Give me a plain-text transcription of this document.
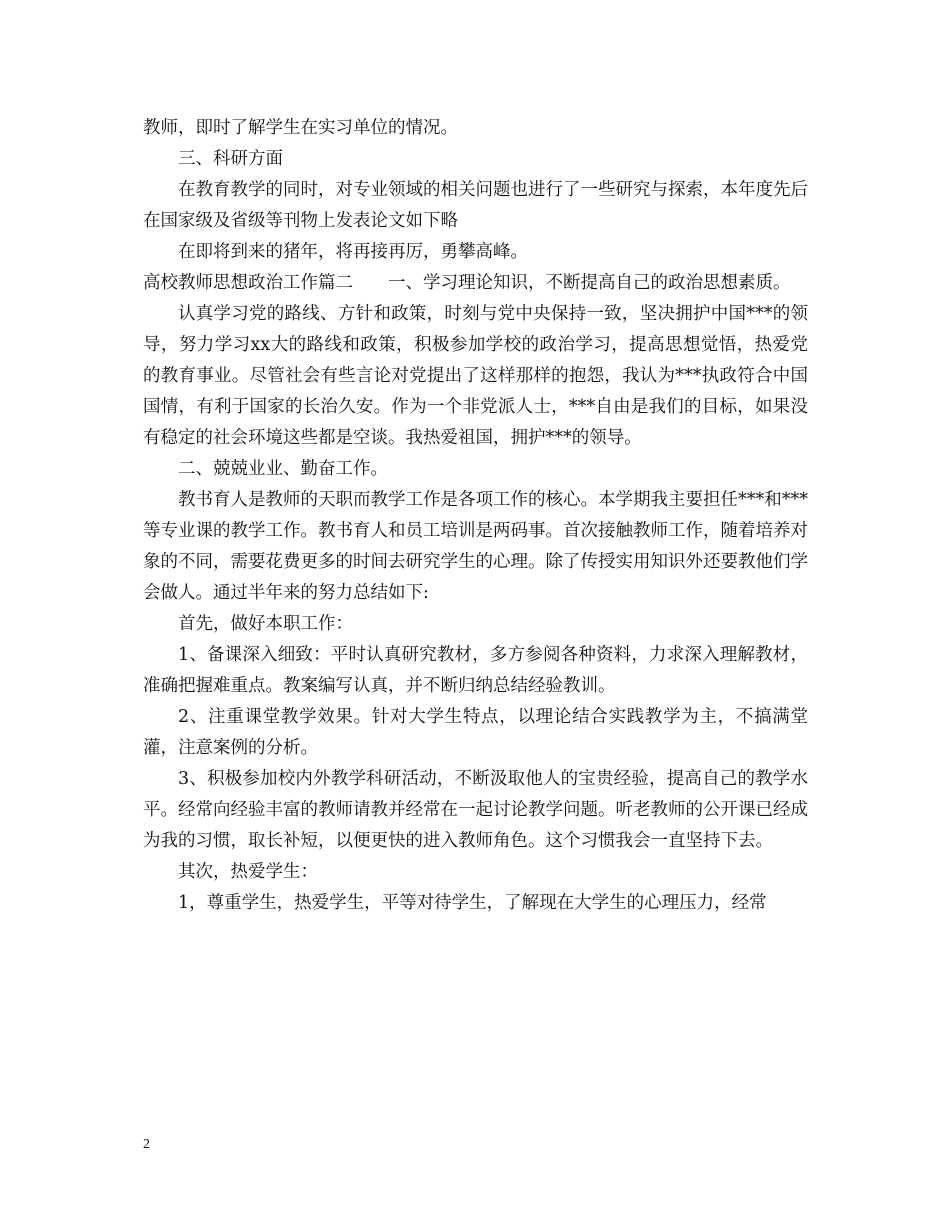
教师，即时了解学生在实习单位的情况。

三、科研方面

在教育教学的同时，对专业领域的相关问题也进行了一些研究与探索，本年度先后在国家级及省级等刊物上发表论文如下略

在即将到来的猪年，将再接再厉，勇攀高峰。

高校教师思想政治工作篇二　　一、学习理论知识，不断提高自己的政治思想素质。

认真学习党的路线、方针和政策，时刻与党中央保持一致，坚决拥护中国***的领导，努力学习xx大的路线和政策，积极参加学校的政治学习，提高思想觉悟，热爱党的教育事业。尽管社会有些言论对党提出了这样那样的抱怨，我认为***执政符合中国国情，有利于国家的长治久安。作为一个非党派人士，***自由是我们的目标，如果没有稳定的社会环境这些都是空谈。我热爱祖国，拥护***的领导。

二、兢兢业业、勤奋工作。

教书育人是教师的天职而教学工作是各项工作的核心。本学期我主要担任***和***等专业课的教学工作。教书育人和员工培训是两码事。首次接触教师工作，随着培养对象的不同，需要花费更多的时间去研究学生的心理。除了传授实用知识外还要教他们学会做人。通过半年来的努力总结如下:

首先，做好本职工作：

1、备课深入细致：平时认真研究教材，多方参阅各种资料，力求深入理解教材，准确把握难重点。教案编写认真，并不断归纳总结经验教训。

2、注重课堂教学效果。针对大学生特点，以理论结合实践教学为主，不搞满堂灌，注意案例的分析。

3、积极参加校内外教学科研活动，不断汲取他人的宝贵经验，提高自己的教学水平。经常向经验丰富的教师请教并经常在一起讨论教学问题。听老教师的公开课已经成为我的习惯，取长补短，以便更快的进入教师角色。这个习惯我会一直坚持下去。

其次，热爱学生：

1，尊重学生，热爱学生，平等对待学生，了解现在大学生的心理压力，经常

2
